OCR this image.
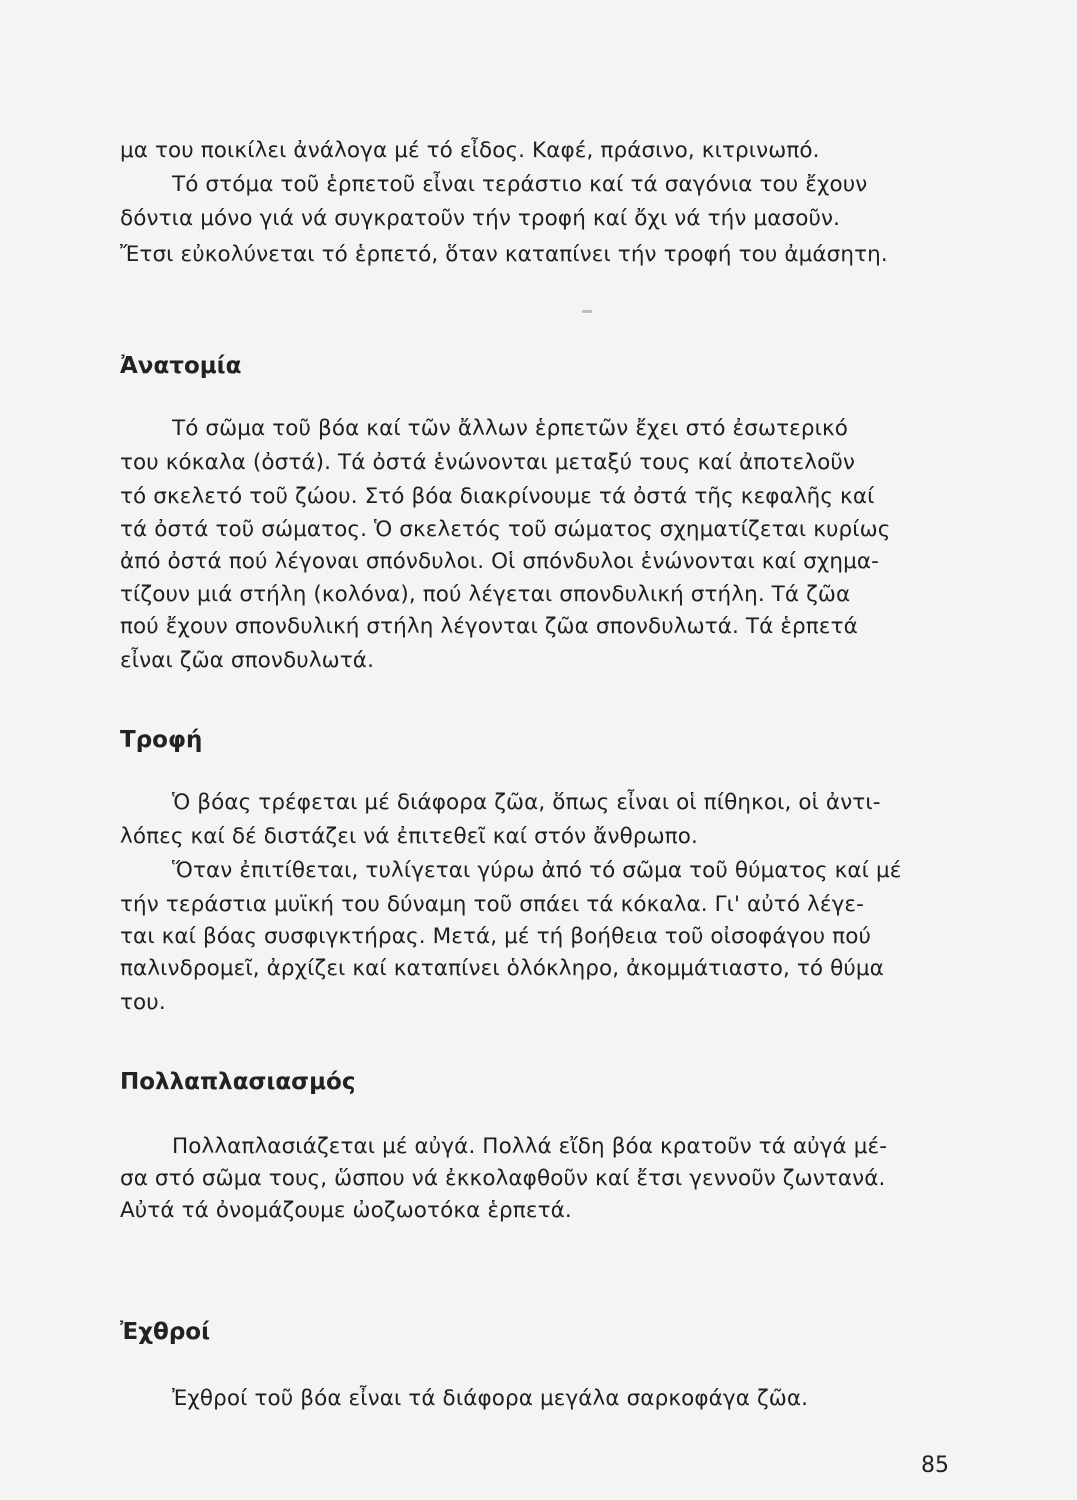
μα του ποικίλει ἀνάλογα μέ τό εἶδος. Καφέ, πράσινο, κιτρινωπό.
Τό στόμα τοῦ ἑρπετοῦ εἶναι τεράστιο καί τά σαγόνια του ἔχουν
δόντια μόνο γιά νά συγκρατοῦν τήν τροφή καί ὄχι νά τήν μασοῦν.
Ἔτσι εὐκολύνεται τό ἑρπετό, ὅταν καταπίνει τήν τροφή του ἀμάσητη.
Ἀνατομία
Τό σῶμα τοῦ βόα καί τῶν ἄλλων ἑρπετῶν ἔχει στό ἐσωτερικό
του κόκαλα (ὀστά). Τά ὀστά ἑνώνονται μεταξύ τους καί ἀποτελοῦν
τό σκελετό τοῦ ζώου. Στό βόα διακρίνουμε τά ὀστά τῆς κεφαλῆς καί
τά ὀστά τοῦ σώματος. Ὁ σκελετός τοῦ σώματος σχηματίζεται κυρίως
ἀπό ὀστά πού λέγοναι σπόνδυλοι. Οἱ σπόνδυλοι ἑνώνονται καί σχημα-
τίζουν μιά στήλη (κολόνα), πού λέγεται σπονδυλική στήλη. Τά ζῶα
πού ἔχουν σπονδυλική στήλη λέγονται ζῶα σπονδυλωτά. Τά ἑρπετά
εἶναι ζῶα σπονδυλωτά.
Τροφή
Ὁ βόας τρέφεται μέ διάφορα ζῶα, ὅπως εἶναι οἱ πίθηκοι, οἱ ἀντι-
λόπες καί δέ διστάζει νά ἐπιτεθεῖ καί στόν ἄνθρωπο.
Ὅταν ἐπιτίθεται, τυλίγεται γύρω ἀπό τό σῶμα τοῦ θύματος καί μέ
τήν τεράστια μυϊκή του δύναμη τοῦ σπάει τά κόκαλα. Γι' αὐτό λέγε-
ται καί βόας συσφιγκτήρας. Μετά, μέ τή βοήθεια τοῦ οἰσοφάγου πού
παλινδρομεῖ, ἀρχίζει καί καταπίνει ὁλόκληρο, ἀκομμάτιαστο, τό θύμα
του.
Πολλαπλασιασμός
Πολλαπλασιάζεται μέ αὐγά. Πολλά εἴδη βόα κρατοῦν τά αὐγά μέ-
σα στό σῶμα τους, ὥσπου νά ἐκκολαφθοῦν καί ἔτσι γεννοῦν ζωντανά.
Αὐτά τά ὀνομάζουμε ὠοζωοτόκα ἑρπετά.
Ἐχθροί
Ἐχθροί τοῦ βόα εἶναι τά διάφορα μεγάλα σαρκοφάγα ζῶα.
85
